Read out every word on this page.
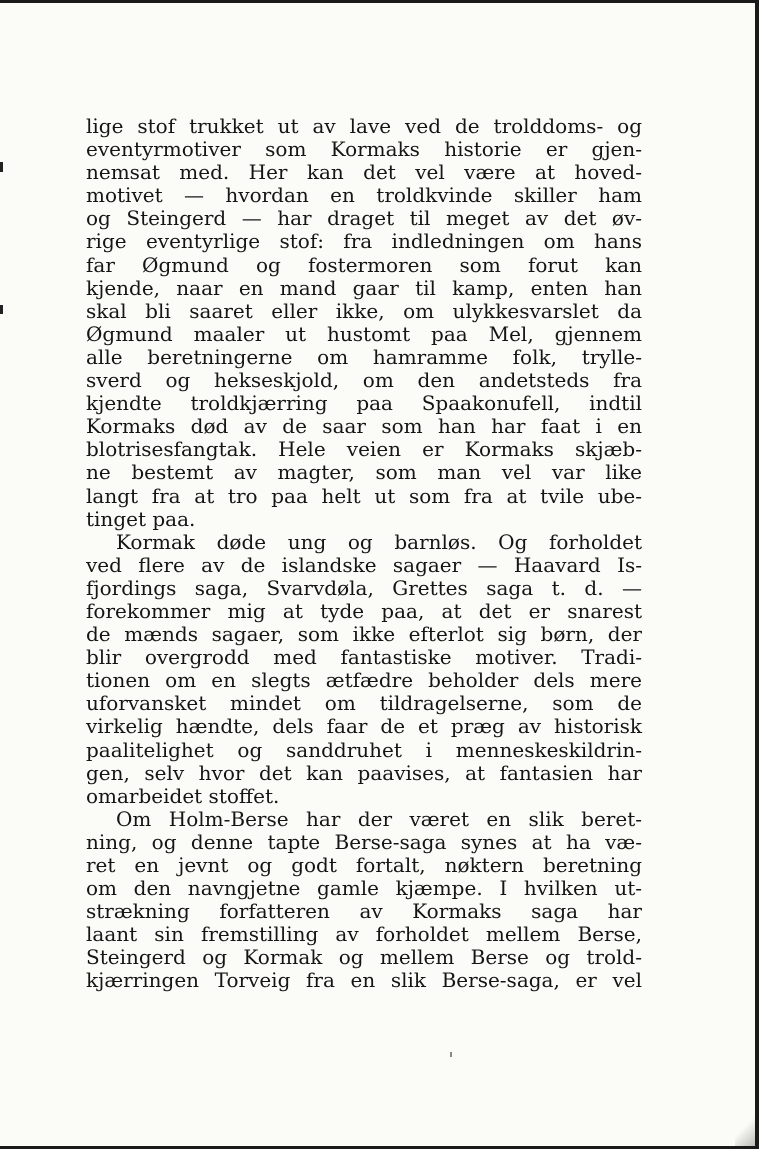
lige stof trukket ut av lave ved de trolddoms- og
eventyrmotiver som Kormaks historie er gjen-
nemsat med. Her kan det vel være at hoved-
motivet — hvordan en troldkvinde skiller ham
og Steingerd — har draget til meget av det øv-
rige eventyrlige stof: fra indledningen om hans
far Øgmund og fostermoren som forut kan
kjende, naar en mand gaar til kamp, enten han
skal bli saaret eller ikke, om ulykkesvarslet da
Øgmund maaler ut hustomt paa Mel, gjennem
alle beretningerne om hamramme folk, trylle-
sverd og hekseskjold, om den andetsteds fra
kjendte troldkjærring paa Spaakonufell, indtil
Kormaks død av de saar som han har faat i en
blotrisesfangtak. Hele veien er Kormaks skjæb-
ne bestemt av magter, som man vel var like
langt fra at tro paa helt ut som fra at tvile ube-
tinget paa.
Kormak døde ung og barnløs. Og forholdet
ved flere av de islandske sagaer — Haavard Is-
fjordings saga, Svarvdøla, Grettes saga t. d. —
forekommer mig at tyde paa, at det er snarest
de mænds sagaer, som ikke efterlot sig børn, der
blir overgrodd med fantastiske motiver. Tradi-
tionen om en slegts ætfædre beholder dels mere
uforvansket mindet om tildragelserne, som de
virkelig hændte, dels faar de et præg av historisk
paalitelighet og sanddruhet i menneskeskildrin-
gen, selv hvor det kan paavises, at fantasien har
omarbeidet stoffet.
Om Holm-Berse har der været en slik beret-
ning, og denne tapte Berse-saga synes at ha væ-
ret en jevnt og godt fortalt, nøktern beretning
om den navngjetne gamle kjæmpe. I hvilken ut-
strækning forfatteren av Kormaks saga har
laant sin fremstilling av forholdet mellem Berse,
Steingerd og Kormak og mellem Berse og trold-
kjærringen Torveig fra en slik Berse-saga, er vel
